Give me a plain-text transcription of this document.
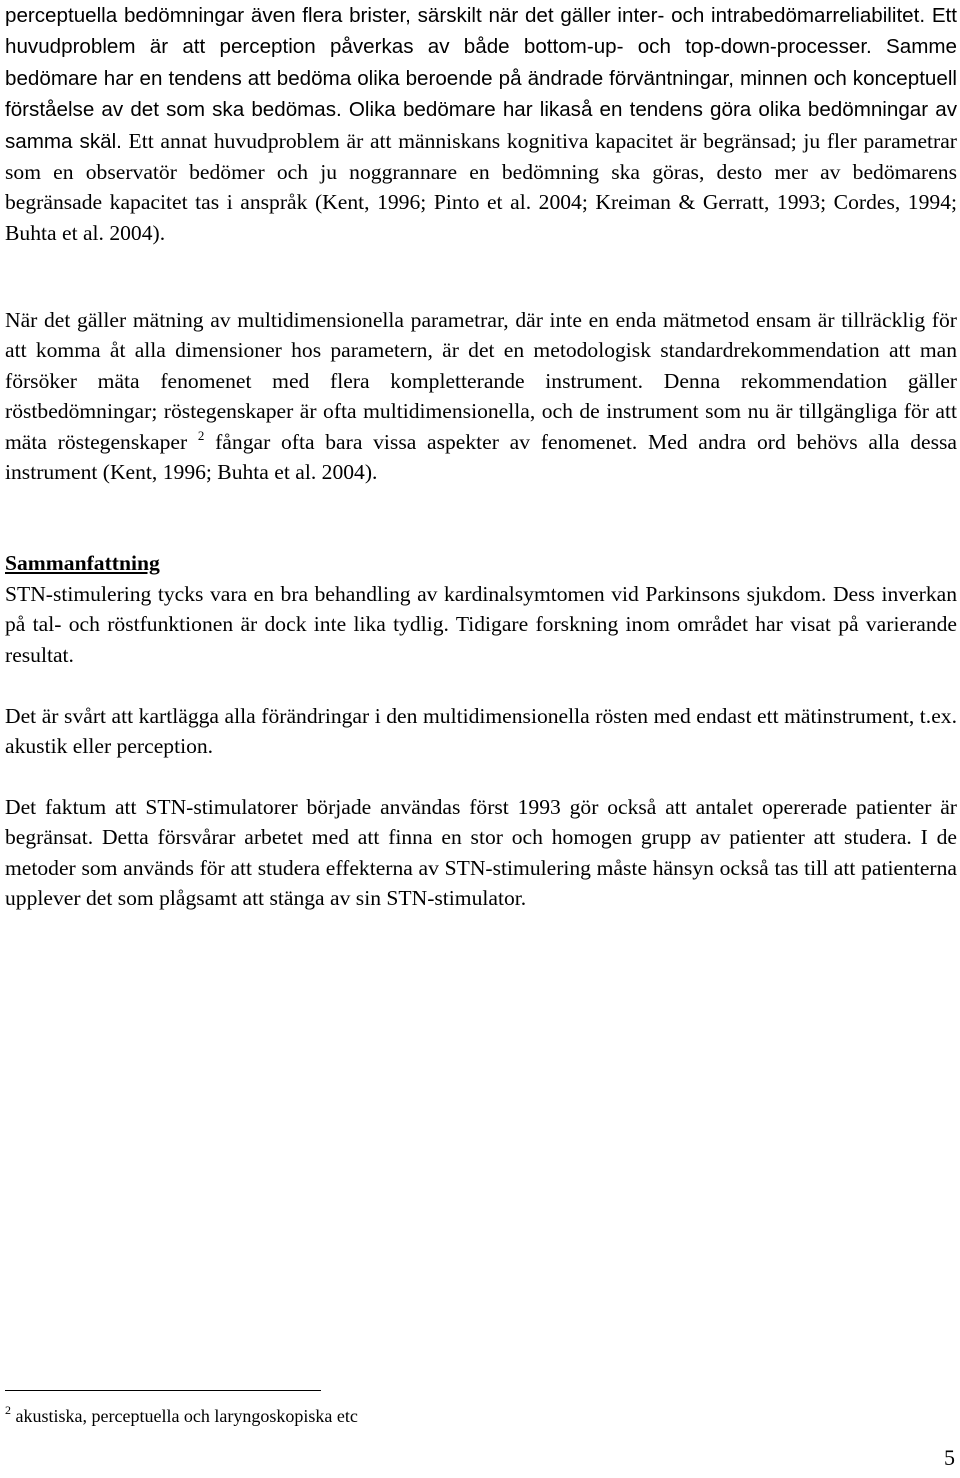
perceptuella bedömningar även flera brister, särskilt när det gäller inter- och intrabedömarreliabilitet. Ett huvudproblem är att perception påverkas av både bottom-up- och top-down-processer. Samme bedömare har en tendens att bedöma olika beroende på ändrade förväntningar, minnen och konceptuell förståelse av det som ska bedömas. Olika bedömare har likaså en tendens göra olika bedömningar av samma skäl. Ett annat huvudproblem är att människans kognitiva kapacitet är begränsad; ju fler parametrar som en observatör bedömer och ju noggrannare en bedömning ska göras, desto mer av bedömarens begränsade kapacitet tas i anspråk (Kent, 1996; Pinto et al. 2004; Kreiman & Gerratt, 1993; Cordes, 1994; Buhta et al. 2004).

När det gäller mätning av multidimensionella parametrar, där inte en enda mätmetod ensam är tillräcklig för att komma åt alla dimensioner hos parametern, är det en metodologisk standardrekommendation att man försöker mäta fenomenet med flera kompletterande instrument. Denna rekommendation gäller röstbedömningar; röstegenskaper är ofta multidimensionella, och de instrument som nu är tillgängliga för att mäta röstegenskaper $^2$ fångar ofta bara vissa aspekter av fenomenet. Med andra ord behövs alla dessa instrument (Kent, 1996; Buhta et al. 2004).

Sammanfattning

STN-stimulering tycks vara en bra behandling av kardinalsymtomen vid Parkinsons sjukdom. Dess inverkan på tal- och röstfunktionen är dock inte lika tydlig. Tidigare forskning inom området har visat på varierande resultat.

Det är svårt att kartlägga alla förändringar i den multidimensionella rösten med endast ett mätinstrument, t.ex. akustik eller perception.

Det faktum att STN-stimulatorer började användas först 1993 gör också att antalet opererade patienter är begränsat. Detta försvårar arbetet med att finna en stor och homogen grupp av patienter att studera. I de metoder som används för att studera effekterna av STN-stimulering måste hänsyn också tas till att patienterna upplever det som plågsamt att stänga av sin STN-stimulator.

$^2$ akustiska, perceptuella och laryngoskopiska etc

5
